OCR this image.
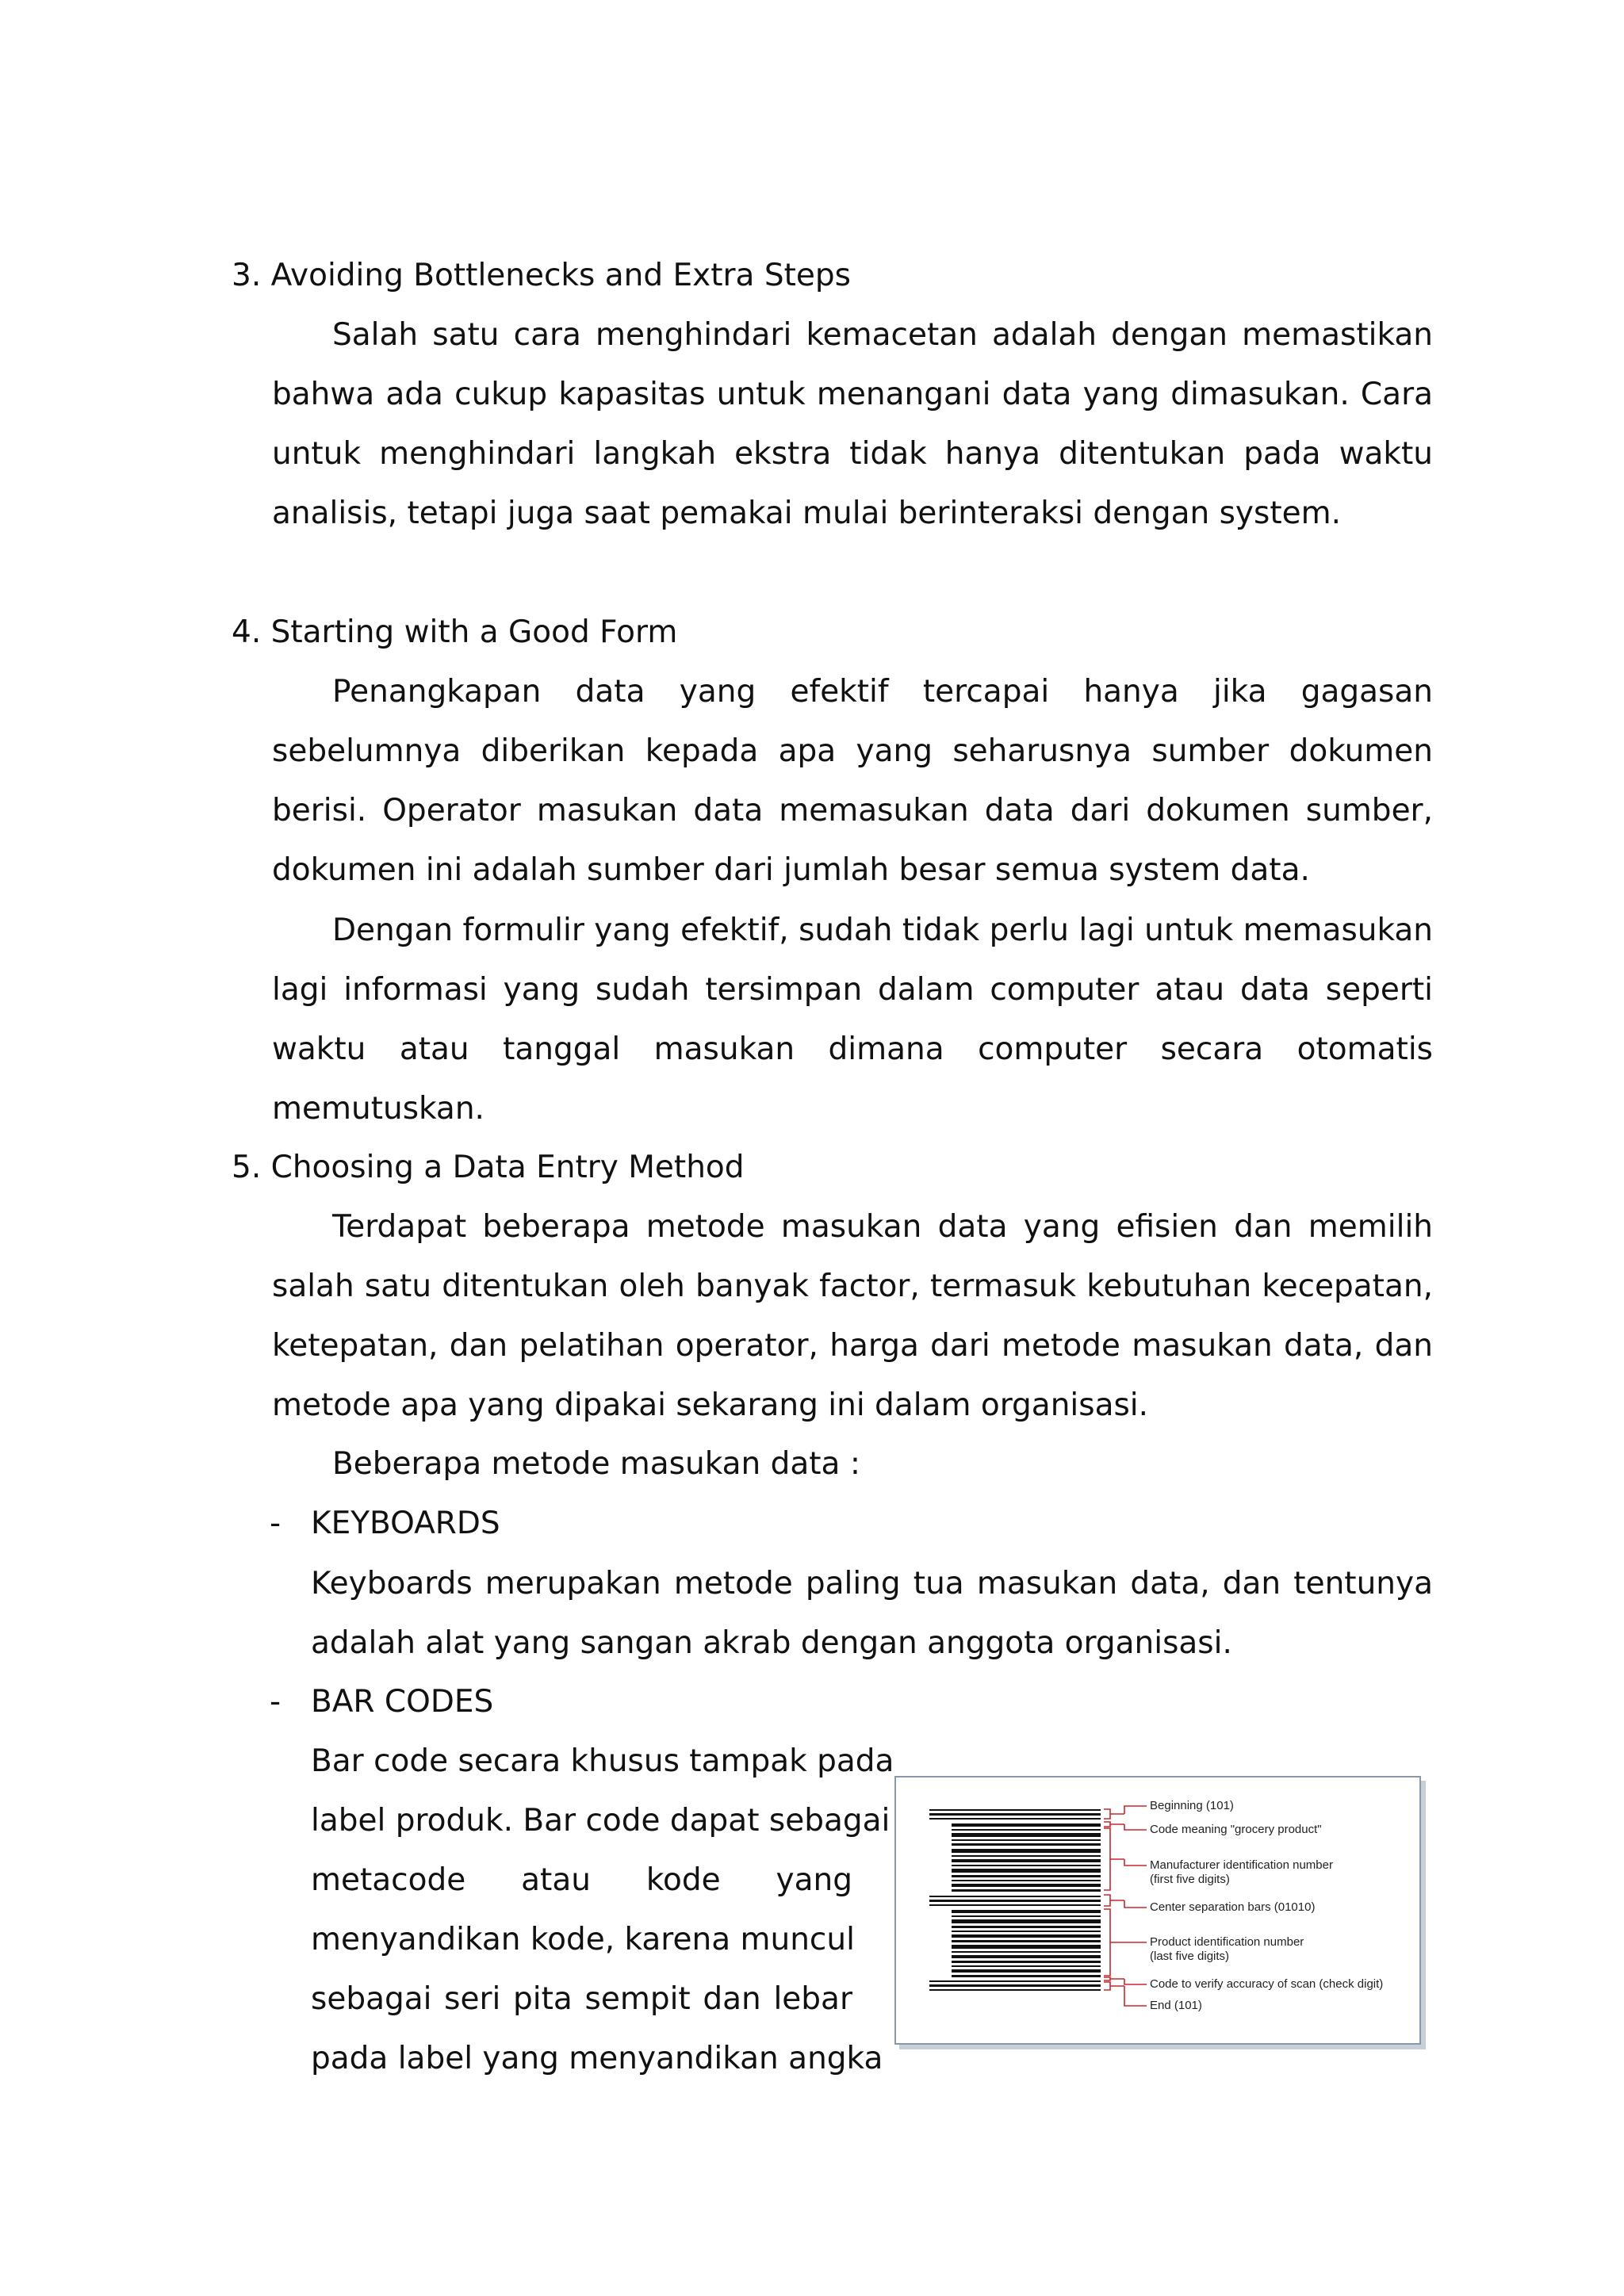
3. Avoiding Bottlenecks and Extra Steps

Salah satu cara menghindari kemacetan adalah dengan memastikan bahwa ada cukup kapasitas untuk menangani data yang dimasukan. Cara untuk menghindari langkah ekstra tidak hanya ditentukan pada waktu analisis, tetapi juga saat pemakai mulai berinteraksi dengan system.

4. Starting with a Good Form

Penangkapan data yang efektif tercapai hanya jika gagasan sebelumnya diberikan kepada apa yang seharusnya sumber dokumen berisi. Operator masukan data memasukan data dari dokumen sumber, dokumen ini adalah sumber dari jumlah besar semua system data.

Dengan formulir yang efektif, sudah tidak perlu lagi untuk memasukan lagi informasi yang sudah tersimpan dalam computer atau data seperti waktu atau tanggal masukan dimana computer secara otomatis memutuskan.

5. Choosing a Data Entry Method

Terdapat beberapa metode masukan data yang efisien dan memilih salah satu ditentukan oleh banyak factor, termasuk kebutuhan kecepatan, ketepatan, dan pelatihan operator, harga dari metode masukan data, dan metode apa yang dipakai sekarang ini dalam organisasi.

Beberapa metode masukan data :
- KEYBOARDS

Keyboards merupakan metode paling tua masukan data, dan tentunya adalah alat yang sangan akrab dengan anggota organisasi.

- BAR CODES
Bar code secara khusus tampak pada
label produk. Bar code dapat sebagai
metacode atau kode yang
menyandikan kode, karena muncul
sebagai seri pita sempit dan lebar
pada label yang menyandikan angka
Beginning (101)
Code meaning "grocery product"
Manufacturer identification number
(first five digits)
Center separation bars (01010)
Product identification number
(last five digits)
Code to verify accuracy of scan (check digit)
End (101)
